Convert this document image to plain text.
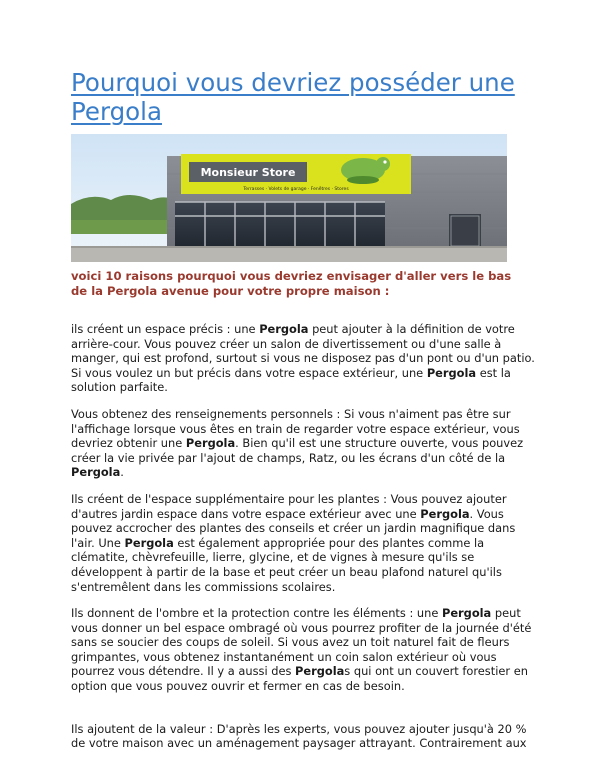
Pourquoi vous devriez posséder une Pergola
Monsieur Store
Terrasses · Volets de garage · Fenêtres · Stores

voici 10 raisons pourquoi vous devriez envisager d'aller vers le bas de la Pergola avenue pour votre propre maison :

ils créent un espace précis : une Pergola peut ajouter à la définition de votre arrière-cour. Vous pouvez créer un salon de divertissement ou d'une salle à manger, qui est profond, surtout si vous ne disposez pas d'un pont ou d'un patio. Si vous voulez un but précis dans votre espace extérieur, une Pergola est la solution parfaite.

Vous obtenez des renseignements personnels : Si vous n'aiment pas être sur l'affichage lorsque vous êtes en train de regarder votre espace extérieur, vous devriez obtenir une Pergola. Bien qu'il est une structure ouverte, vous pouvez créer la vie privée par l'ajout de champs, Ratz, ou les écrans d'un côté de la Pergola.

Ils créent de l'espace supplémentaire pour les plantes : Vous pouvez ajouter d'autres jardin espace dans votre espace extérieur avec une Pergola. Vous pouvez accrocher des plantes des conseils et créer un jardin magnifique dans l'air. Une Pergola est également appropriée pour des plantes comme la clématite, chèvrefeuille, lierre, glycine, et de vignes à mesure qu'ils se développent à partir de la base et peut créer un beau plafond naturel qu'ils s'entremêlent dans les commissions scolaires.

Ils donnent de l'ombre et la protection contre les éléments : une Pergola peut vous donner un bel espace ombragé où vous pourrez profiter de la journée d'été sans se soucier des coups de soleil. Si vous avez un toit naturel fait de fleurs grimpantes, vous obtenez instantanément un coin salon extérieur où vous pourrez vous détendre. Il y a aussi des Pergolas qui ont un couvert forestier en option que vous pouvez ouvrir et fermer en cas de besoin.

Ils ajoutent de la valeur : D'après les experts, vous pouvez ajouter jusqu'à 20 % de votre maison avec un aménagement paysager attrayant. Contrairement aux
